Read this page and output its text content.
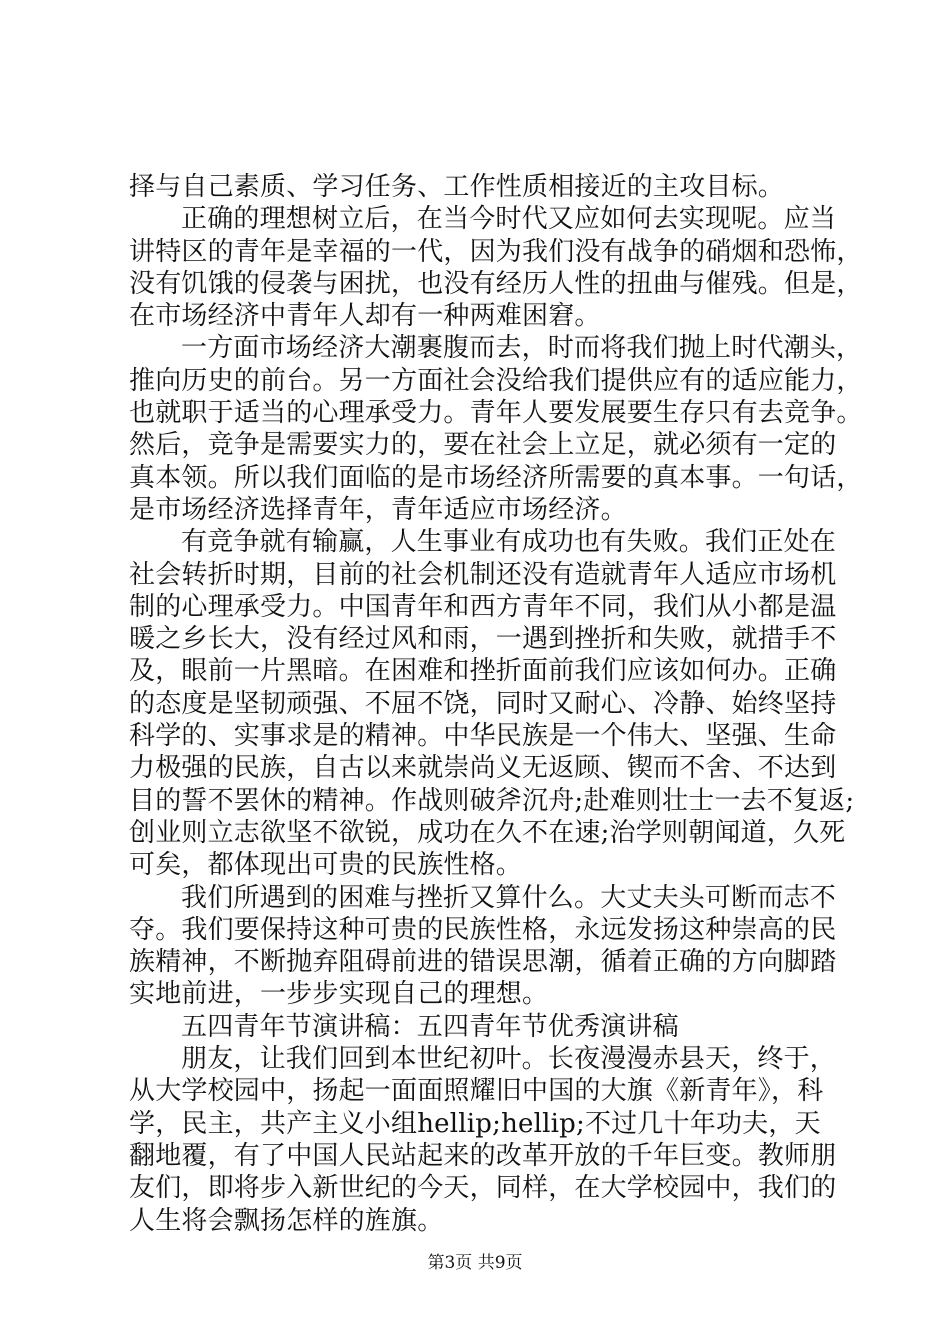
择与自己素质、学习任务、工作性质相接近的主攻目标。
正确的理想树立后，在当今时代又应如何去实现呢。应当
讲特区的青年是幸福的一代，因为我们没有战争的硝烟和恐怖，
没有饥饿的侵袭与困扰，也没有经历人性的扭曲与催残。但是，
在市场经济中青年人却有一种两难困窘。
一方面市场经济大潮裹腹而去，时而将我们抛上时代潮头，
推向历史的前台。另一方面社会没给我们提供应有的适应能力，
也就职于适当的心理承受力。青年人要发展要生存只有去竞争。
然后，竞争是需要实力的，要在社会上立足，就必须有一定的
真本领。所以我们面临的是市场经济所需要的真本事。一句话，
是市场经济选择青年，青年适应市场经济。
有竞争就有输赢，人生事业有成功也有失败。我们正处在
社会转折时期，目前的社会机制还没有造就青年人适应市场机
制的心理承受力。中国青年和西方青年不同，我们从小都是温
暖之乡长大，没有经过风和雨，一遇到挫折和失败，就措手不
及，眼前一片黑暗。在困难和挫折面前我们应该如何办。正确
的态度是坚韧顽强、不屈不饶，同时又耐心、冷静、始终坚持
科学的、实事求是的精神。中华民族是一个伟大、坚强、生命
力极强的民族，自古以来就崇尚义无返顾、锲而不舍、不达到
目的誓不罢休的精神。作战则破斧沉舟;赴难则壮士一去不复返;
创业则立志欲坚不欲锐，成功在久不在速;治学则朝闻道，久死
可矣，都体现出可贵的民族性格。
我们所遇到的困难与挫折又算什么。大丈夫头可断而志不
夺。我们要保持这种可贵的民族性格，永远发扬这种崇高的民
族精神，不断抛弃阻碍前进的错误思潮，循着正确的方向脚踏
实地前进，一步步实现自己的理想。
五四青年节演讲稿：五四青年节优秀演讲稿
朋友，让我们回到本世纪初叶。长夜漫漫赤县天，终于，
从大学校园中，扬起一面面照耀旧中国的大旗《新青年》，科
学，民主，共产主义小组hellip;hellip;不过几十年功夫，天
翻地覆，有了中国人民站起来的改革开放的千年巨变。教师朋
友们，即将步入新世纪的今天，同样，在大学校园中，我们的
人生将会飘扬怎样的旌旗。
第3页 共9页
